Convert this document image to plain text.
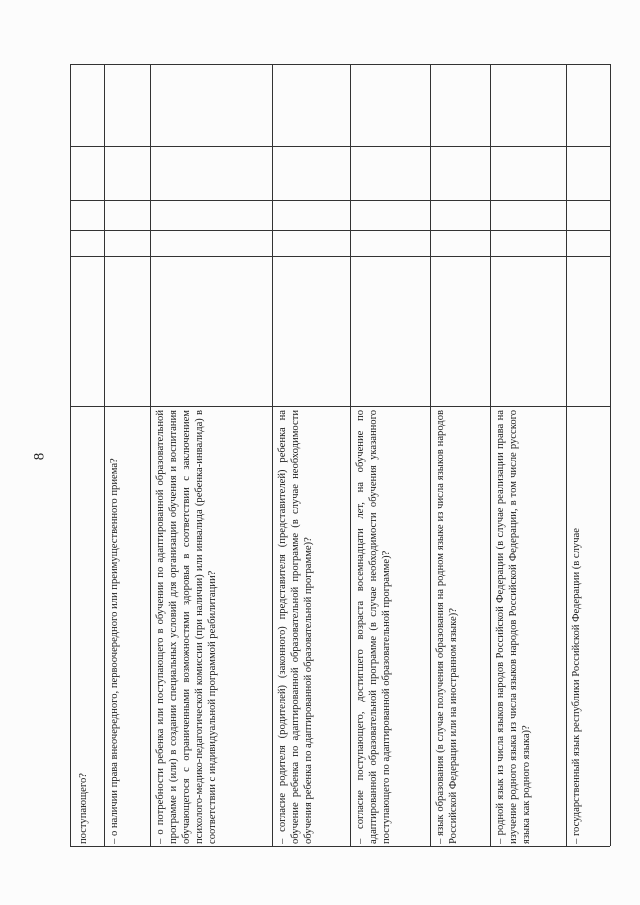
8
поступающего?	– о наличии права внеочередного, первоочередного или преимущественного приема?	– о потребности ребенка или поступающего в обучении по адаптированной образовательной программе и (или) в создании специальных условий для организации обучения и воспитания обучающегося с ограниченными возможностями здоровья в соответствии с заключением психолого-медико-педагогической комиссии (при наличии) или инвалида (ребенка-инвалида) в соответствии с индивидуальной программой реабилитации?	– согласие родителя (родителей) (законного) представителя (представителей) ребенка на обучение ребенка по адаптированной образовательной программе (в случае необходимости обучения ребенка по адаптированной образовательной программе)?	– согласие поступающего, достигшего возраста восемнадцати лет, на обучение по адаптированной образовательной программе (в случае необходимости обучения указанного поступающего по адаптированной образовательной программе)?	– язык образования (в случае получения образования на родном языке из числа языков народов Российской Федерации или на иностранном языке)?	– родной язык из числа языков народов Российской Федерации (в случае реализации права на изучение родного языка из числа языков народов Российской Федерации, в том числе русского языка как родного языка)?	– государственный язык республики Российской Федерации (в случае
